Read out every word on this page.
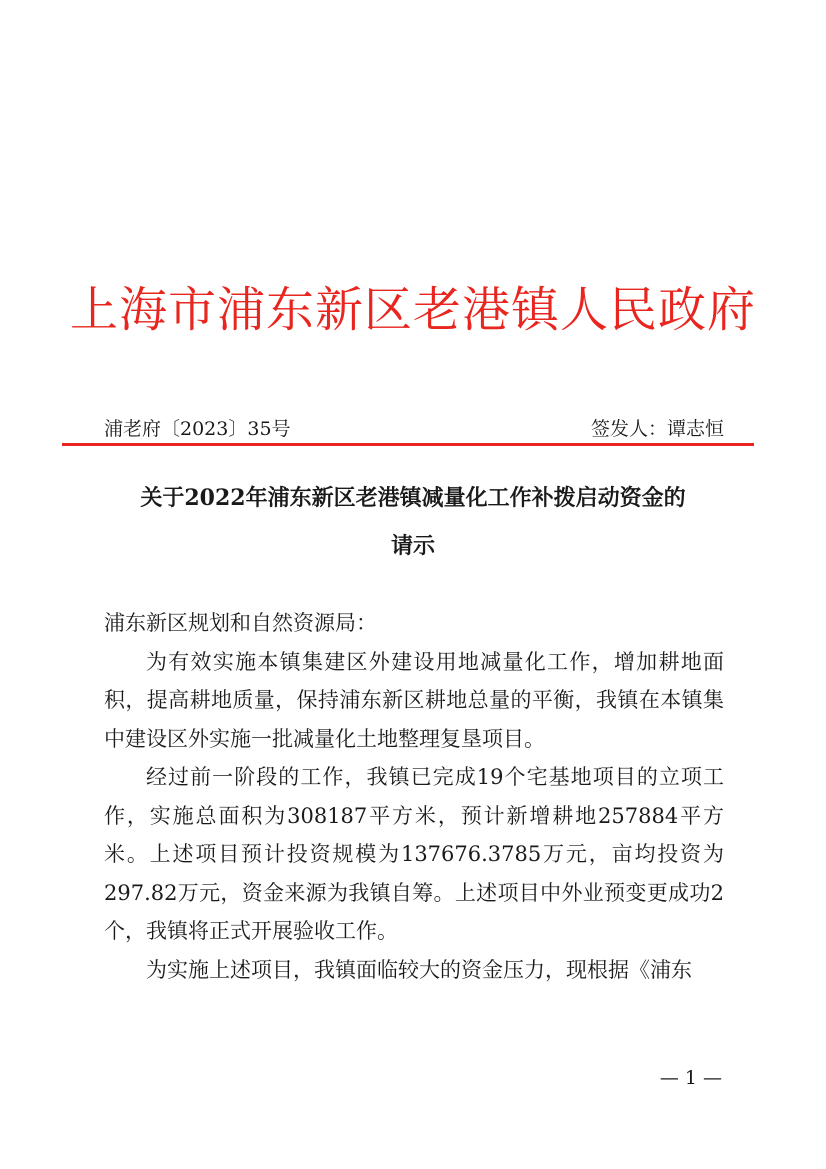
上海市浦东新区老港镇人民政府
浦老府〔2023〕35号	签发人：谭志恒
关于2022年浦东新区老港镇减量化工作补拨启动资金的
请示

浦东新区规划和自然资源局：

为有效实施本镇集建区外建设用地减量化工作，增加耕地面积，提高耕地质量，保持浦东新区耕地总量的平衡，我镇在本镇集中建设区外实施一批减量化土地整理复垦项目。

经过前一阶段的工作，我镇已完成19个宅基地项目的立项工作，实施总面积为308187平方米，预计新增耕地257884平方米。上述项目预计投资规模为137676.3785万元，亩均投资为297.82万元，资金来源为我镇自筹。上述项目中外业预变更成功2个，我镇将正式开展验收工作。

为实施上述项目，我镇面临较大的资金压力，现根据《浦东

— 1 —
